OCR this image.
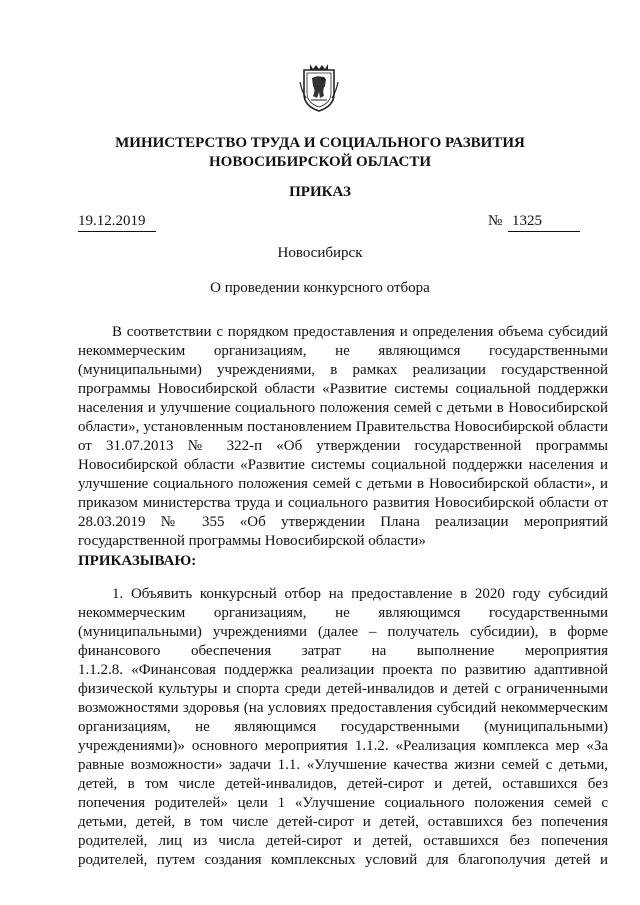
МИНИСТЕРСТВО ТРУДА И СОЦИАЛЬНОГО РАЗВИТИЯ
НОВОСИБИРСКОЙ ОБЛАСТИ
ПРИКАЗ
19.12.2019	№ 1325
Новосибирск
О проведении конкурсного отбора
В соответствии с порядком предоставления и определения объема субсидий
некоммерческим организациям, не являющимся государственными
(муниципальными) учреждениями, в рамках реализации государственной
программы Новосибирской области «Развитие системы социальной поддержки
населения и улучшение социального положения семей с детьми в Новосибирской
области», установленным постановлением Правительства Новосибирской области
от 31.07.2013 № 322-п «Об утверждении государственной программы
Новосибирской области «Развитие системы социальной поддержки населения и
улучшение социального положения семей с детьми в Новосибирской области», и
приказом министерства труда и социального развития Новосибирской области от
28.03.2019 № 355 «Об утверждении Плана реализации мероприятий
государственной программы Новосибирской области»
ПРИКАЗЫВАЮ:
1. Объявить конкурсный отбор на предоставление в 2020 году субсидий
некоммерческим организациям, не являющимся государственными
(муниципальными) учреждениями (далее – получатель субсидии), в форме
финансового обеспечения затрат на выполнение мероприятия
1.1.2.8. «Финансовая поддержка реализации проекта по развитию адаптивной
физической культуры и спорта среди детей-инвалидов и детей с ограниченными
возможностями здоровья (на условиях предоставления субсидий некоммерческим
организациям, не являющимся государственными (муниципальными)
учреждениями)» основного мероприятия 1.1.2. «Реализация комплекса мер «За
равные возможности» задачи 1.1. «Улучшение качества жизни семей с детьми,
детей, в том числе детей-инвалидов, детей-сирот и детей, оставшихся без
попечения родителей» цели 1 «Улучшение социального положения семей с
детьми, детей, в том числе детей-сирот и детей, оставшихся без попечения
родителей, лиц из числа детей-сирот и детей, оставшихся без попечения
родителей, путем создания комплексных условий для благополучия детей и
